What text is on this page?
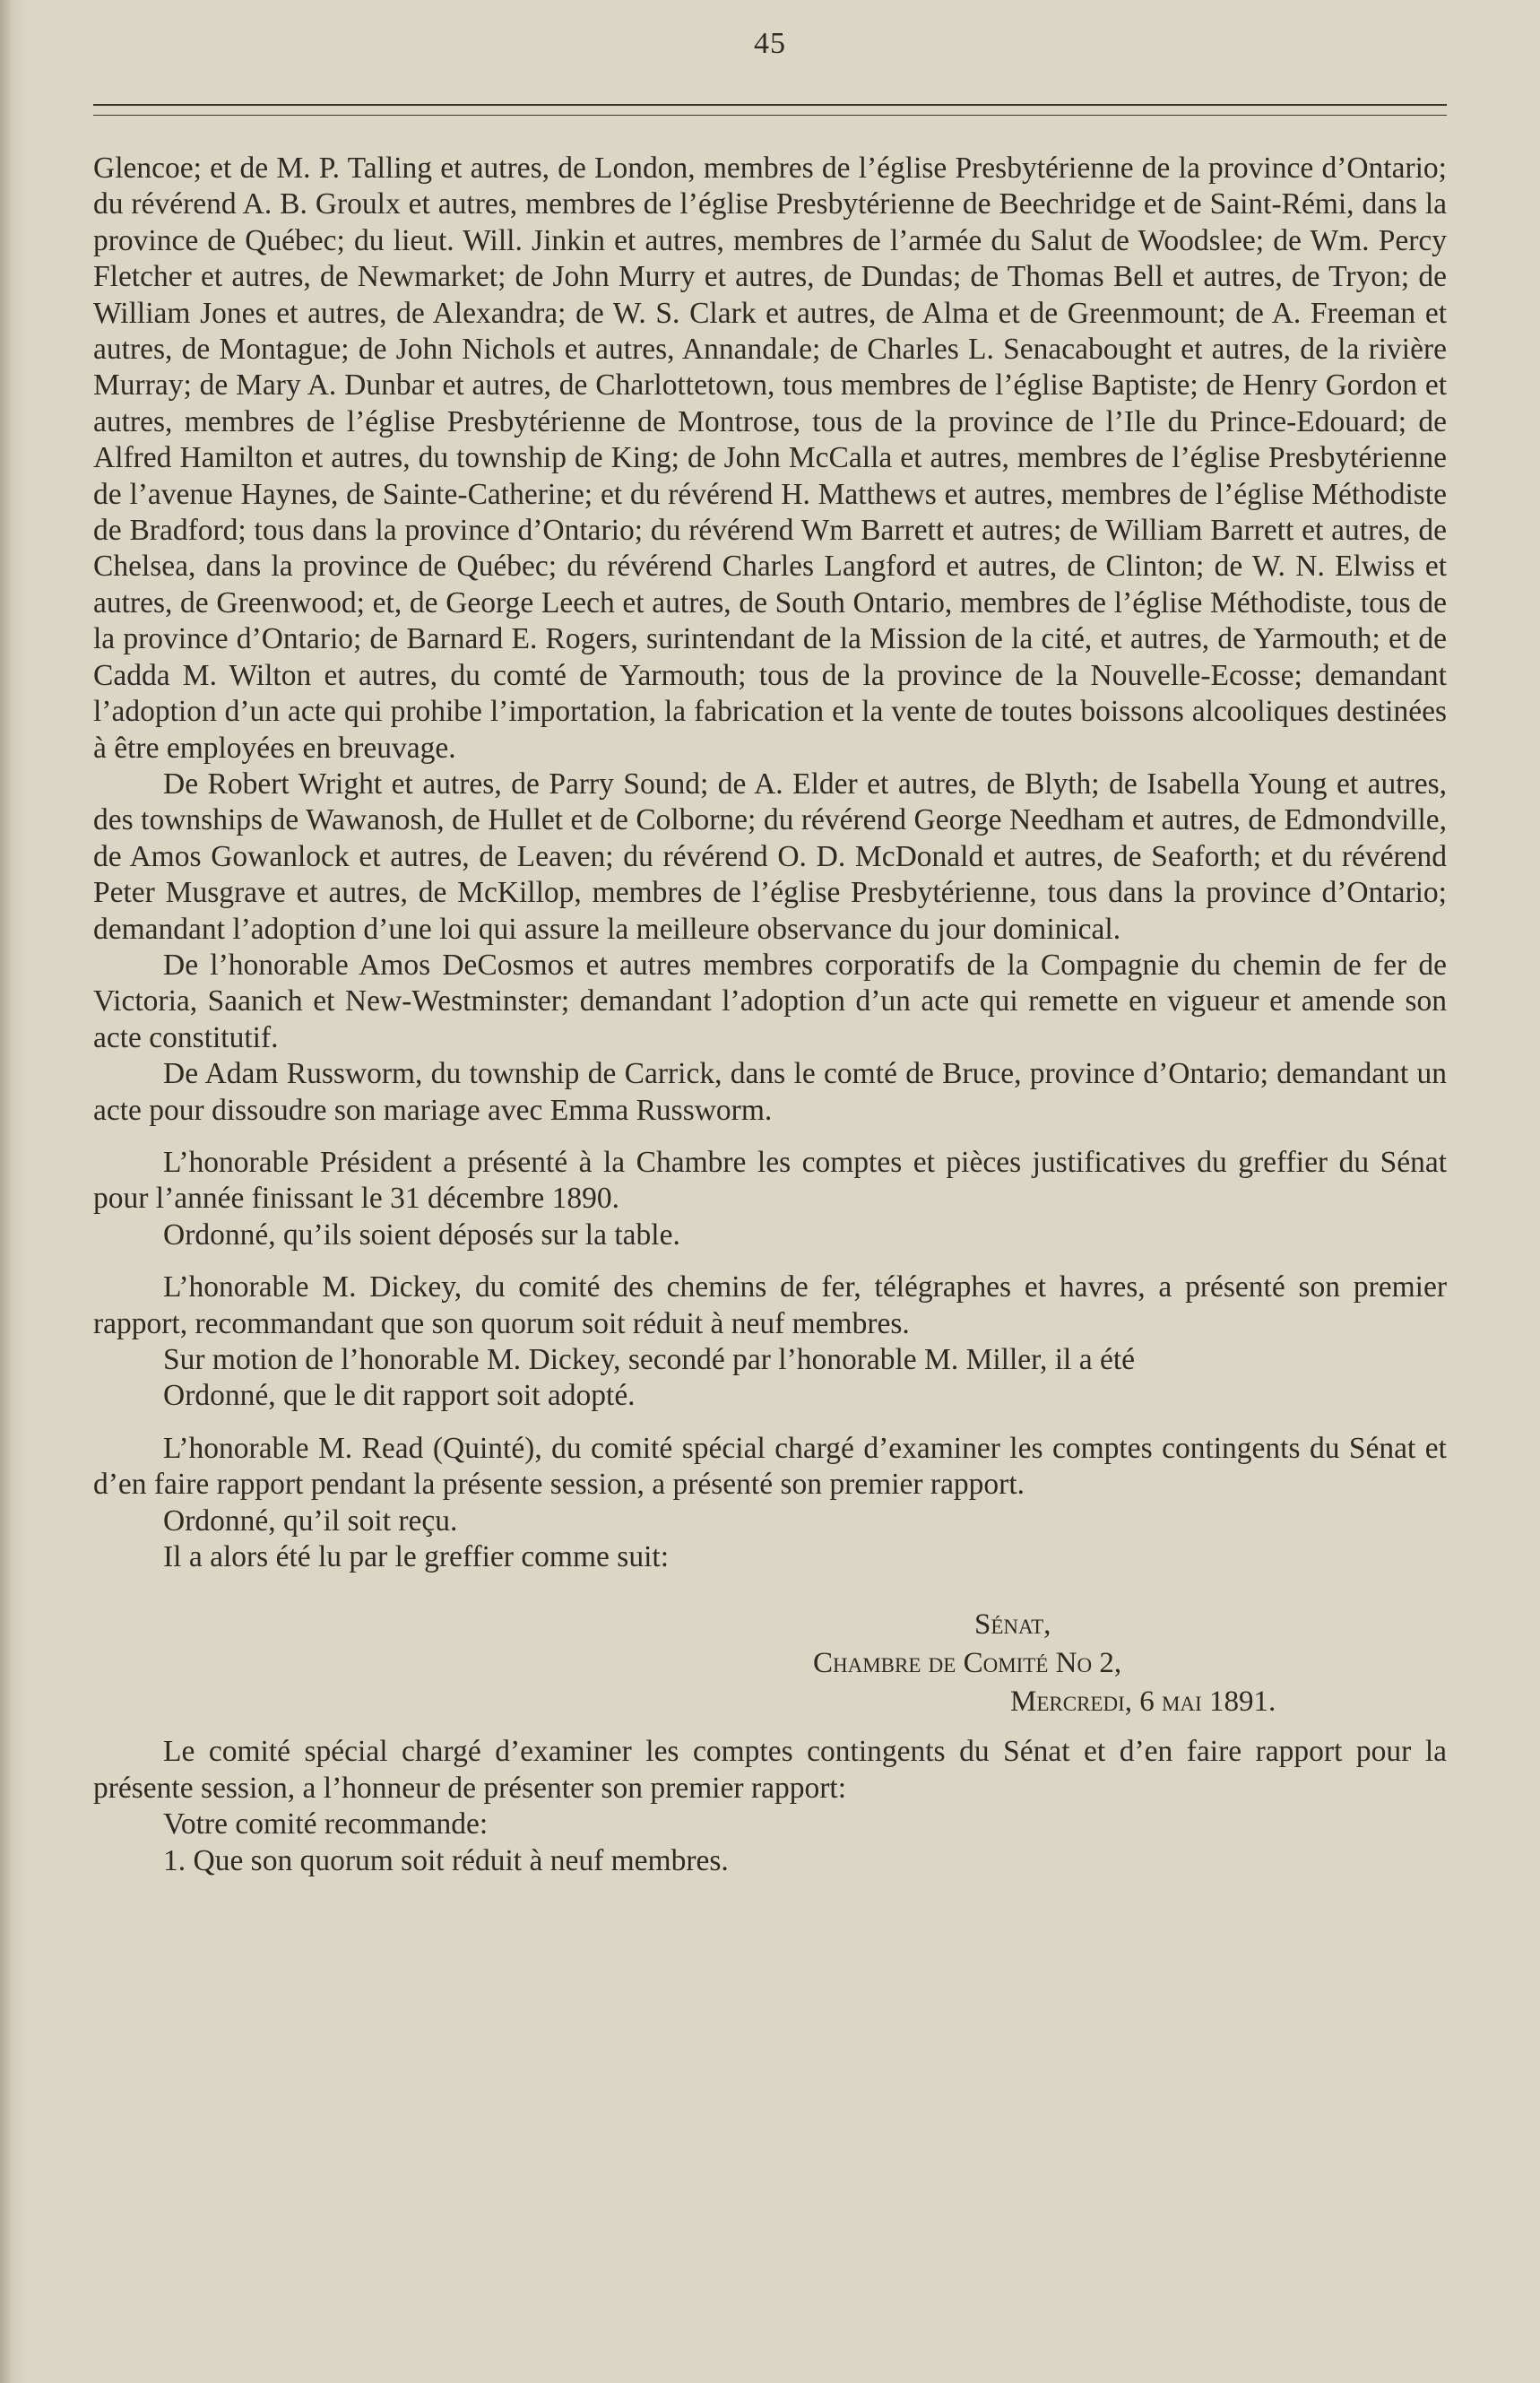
45

Glencoe; et de M. P. Talling et autres, de London, membres de l’église Presbytérienne de la province d’Ontario; du révérend A. B. Groulx et autres, membres de l’église Presbytérienne de Beechridge et de Saint-Rémi, dans la province de Québec; du lieut. Will. Jinkin et autres, membres de l’armée du Salut de Woodslee; de Wm. Percy Fletcher et autres, de Newmarket; de John Murry et autres, de Dundas; de Thomas Bell et autres, de Tryon; de William Jones et autres, de Alexandra; de W. S. Clark et autres, de Alma et de Greenmount; de A. Freeman et autres, de Montague; de John Nichols et autres, Annandale; de Charles L. Senacabought et autres, de la rivière Murray; de Mary A. Dunbar et autres, de Charlottetown, tous membres de l’église Baptiste; de Henry Gordon et autres, membres de l’église Presbytérienne de Montrose, tous de la province de l’Ile du Prince-Edouard; de Alfred Hamilton et autres, du township de King; de John McCalla et autres, membres de l’église Presbytérienne de l’avenue Haynes, de Sainte-Catherine; et du révérend H. Matthews et autres, membres de l’église Méthodiste de Bradford; tous dans la province d’Ontario; du révérend Wm Barrett et autres; de William Barrett et autres, de Chelsea, dans la province de Québec; du révérend Charles Langford et autres, de Clinton; de W. N. Elwiss et autres, de Greenwood; et, de George Leech et autres, de South Ontario, membres de l’église Méthodiste, tous de la province d’Ontario; de Barnard E. Rogers, surintendant de la Mission de la cité, et autres, de Yarmouth; et de Cadda M. Wilton et autres, du comté de Yarmouth; tous de la province de la Nouvelle-Ecosse; demandant l’adoption d’un acte qui prohibe l’importation, la fabrication et la vente de toutes boissons alcooliques destinées à être employées en breuvage.

De Robert Wright et autres, de Parry Sound; de A. Elder et autres, de Blyth; de Isabella Young et autres, des townships de Wawanosh, de Hullet et de Colborne; du révérend George Needham et autres, de Edmondville, de Amos Gowanlock et autres, de Leaven; du révérend O. D. McDonald et autres, de Seaforth; et du révérend Peter Musgrave et autres, de McKillop, membres de l’église Presbytérienne, tous dans la province d’Ontario; demandant l’adoption d’une loi qui assure la meilleure observance du jour dominical.

De l’honorable Amos DeCosmos et autres membres corporatifs de la Compagnie du chemin de fer de Victoria, Saanich et New-Westminster; demandant l’adoption d’un acte qui remette en vigueur et amende son acte constitutif.

De Adam Russworm, du township de Carrick, dans le comté de Bruce, province d’Ontario; demandant un acte pour dissoudre son mariage avec Emma Russworm.

L’honorable Président a présenté à la Chambre les comptes et pièces justificatives du greffier du Sénat pour l’année finissant le 31 décembre 1890.

Ordonné, qu’ils soient déposés sur la table.

L’honorable M. Dickey, du comité des chemins de fer, télégraphes et havres, a présenté son premier rapport, recommandant que son quorum soit réduit à neuf membres.

Sur motion de l’honorable M. Dickey, secondé par l’honorable M. Miller, il a été

Ordonné, que le dit rapport soit adopté.

L’honorable M. Read (Quinté), du comité spécial chargé d’examiner les comptes contingents du Sénat et d’en faire rapport pendant la présente session, a présenté son premier rapport.

Ordonné, qu’il soit reçu.

Il a alors été lu par le greffier comme suit:

Sénat,

Chambre de Comité No 2,

Mercredi, 6 mai 1891.

Le comité spécial chargé d’examiner les comptes contingents du Sénat et d’en faire rapport pour la présente session, a l’honneur de présenter son premier rapport:

Votre comité recommande:

1. Que son quorum soit réduit à neuf membres.
